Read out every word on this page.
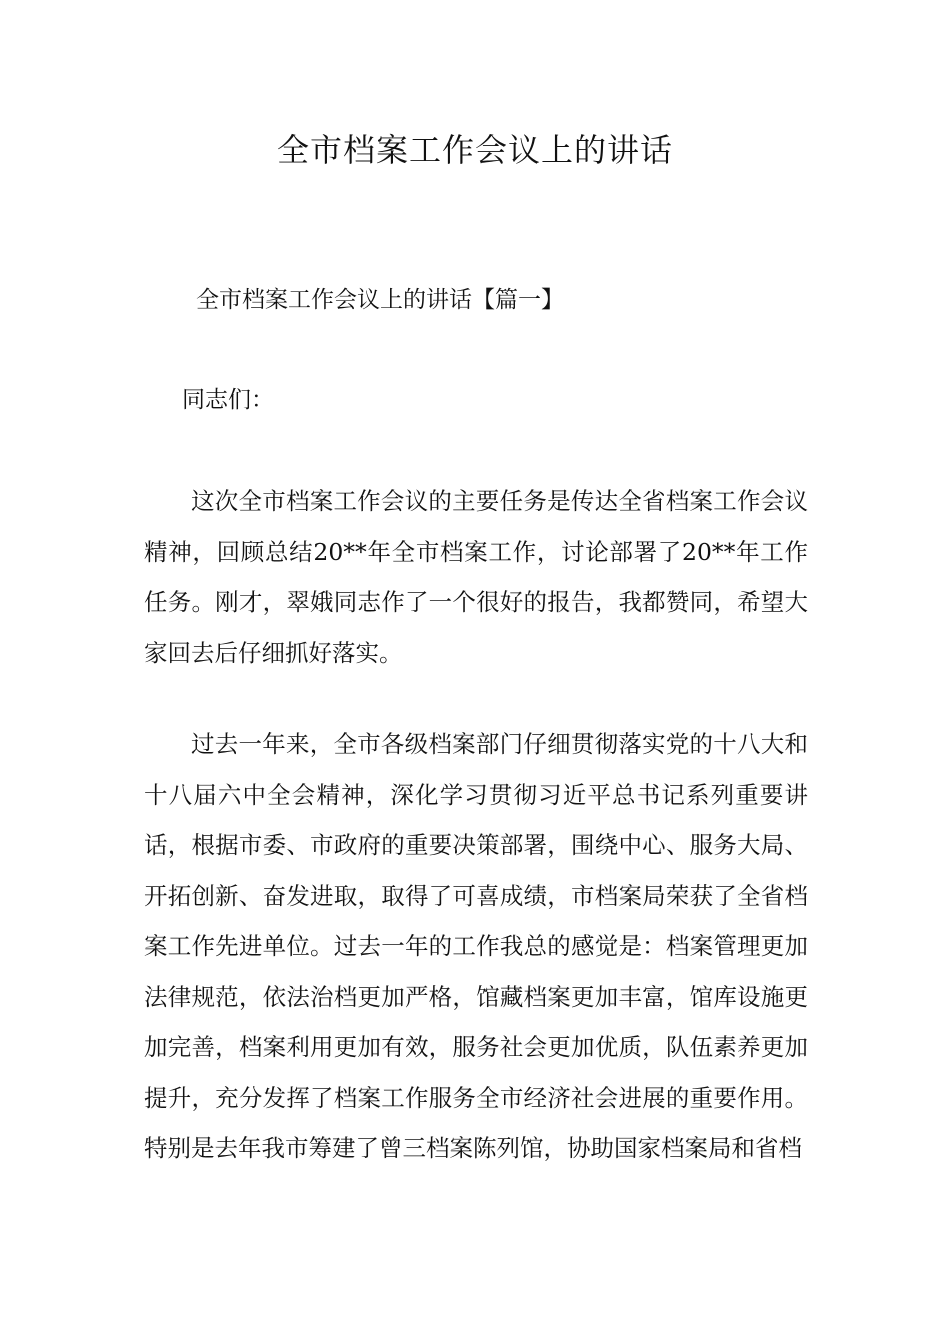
全市档案工作会议上的讲话

全市档案工作会议上的讲话【篇一】

同志们：

这次全市档案工作会议的主要任务是传达全省档案工作会议精神，回顾总结20**年全市档案工作，讨论部署了20**年工作任务。刚才，翠娥同志作了一个很好的报告，我都赞同，希望大家回去后仔细抓好落实。

过去一年来，全市各级档案部门仔细贯彻落实党的十八大和十八届六中全会精神，深化学习贯彻习近平总书记系列重要讲话，根据市委、市政府的重要决策部署，围绕中心、服务大局、开拓创新、奋发进取，取得了可喜成绩，市档案局荣获了全省档案工作先进单位。过去一年的工作我总的感觉是：档案管理更加法律规范，依法治档更加严格，馆藏档案更加丰富，馆库设施更加完善，档案利用更加有效，服务社会更加优质，队伍素养更加提升，充分发挥了档案工作服务全市经济社会进展的重要作用。特别是去年我市筹建了曾三档案陈列馆，协助国家档案局和省档
